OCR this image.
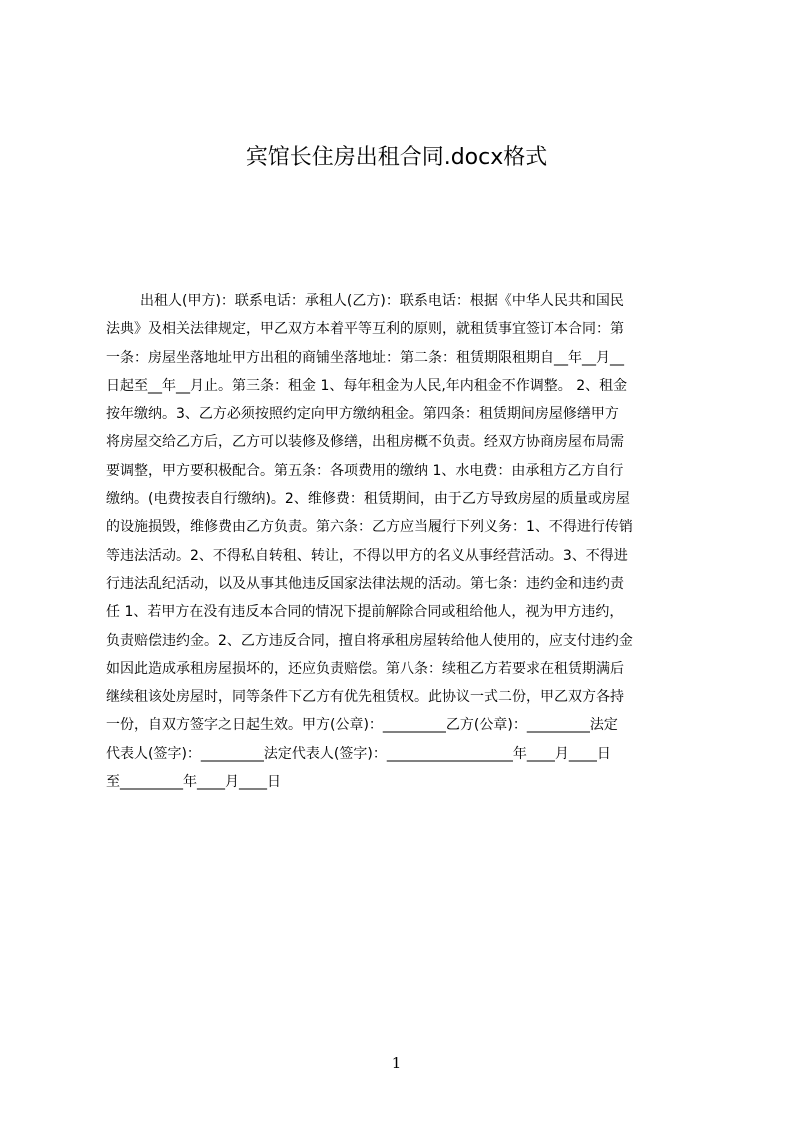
宾馆长住房出租合同.docx格式
出租人(甲方)：联系电话：承租人(乙方)：联系电话：根据《中华人民共和国民
法典》及相关法律规定，甲乙双方本着平等互利的原则，就租赁事宜签订本合同：第
一条：房屋坐落地址甲方出租的商铺坐落地址：第二条：租赁期限租期自__年__月__
日起至__年__月止。第三条：租金 1、每年租金为人民,年内租金不作调整。 2、租金
按年缴纳。3、乙方必须按照约定向甲方缴纳租金。第四条：租赁期间房屋修缮甲方
将房屋交给乙方后，乙方可以装修及修缮，出租房概不负责。经双方协商房屋布局需
要调整，甲方要积极配合。第五条：各项费用的缴纳 1、水电费：由承租方乙方自行
缴纳。(电费按表自行缴纳)。2、维修费：租赁期间，由于乙方导致房屋的质量或房屋
的设施损毁，维修费由乙方负责。第六条：乙方应当履行下列义务：1、不得进行传销
等违法活动。2、不得私自转租、转让，不得以甲方的名义从事经营活动。3、不得进
行违法乱纪活动，以及从事其他违反国家法律法规的活动。第七条：违约金和违约责
任 1、若甲方在没有违反本合同的情况下提前解除合同或租给他人，视为甲方违约，
负责赔偿违约金。2、乙方违反合同，擅自将承租房屋转给他人使用的，应支付违约金
如因此造成承租房屋损坏的，还应负责赔偿。第八条：续租乙方若要求在租赁期满后
继续租该处房屋时，同等条件下乙方有优先租赁权。此协议一式二份，甲乙双方各持
一份，自双方签字之日起生效。甲方(公章)：_________乙方(公章)：_________法定
代表人(签字)：_________法定代表人(签字)：__________________年____月____日
至_________年____月____日
1
